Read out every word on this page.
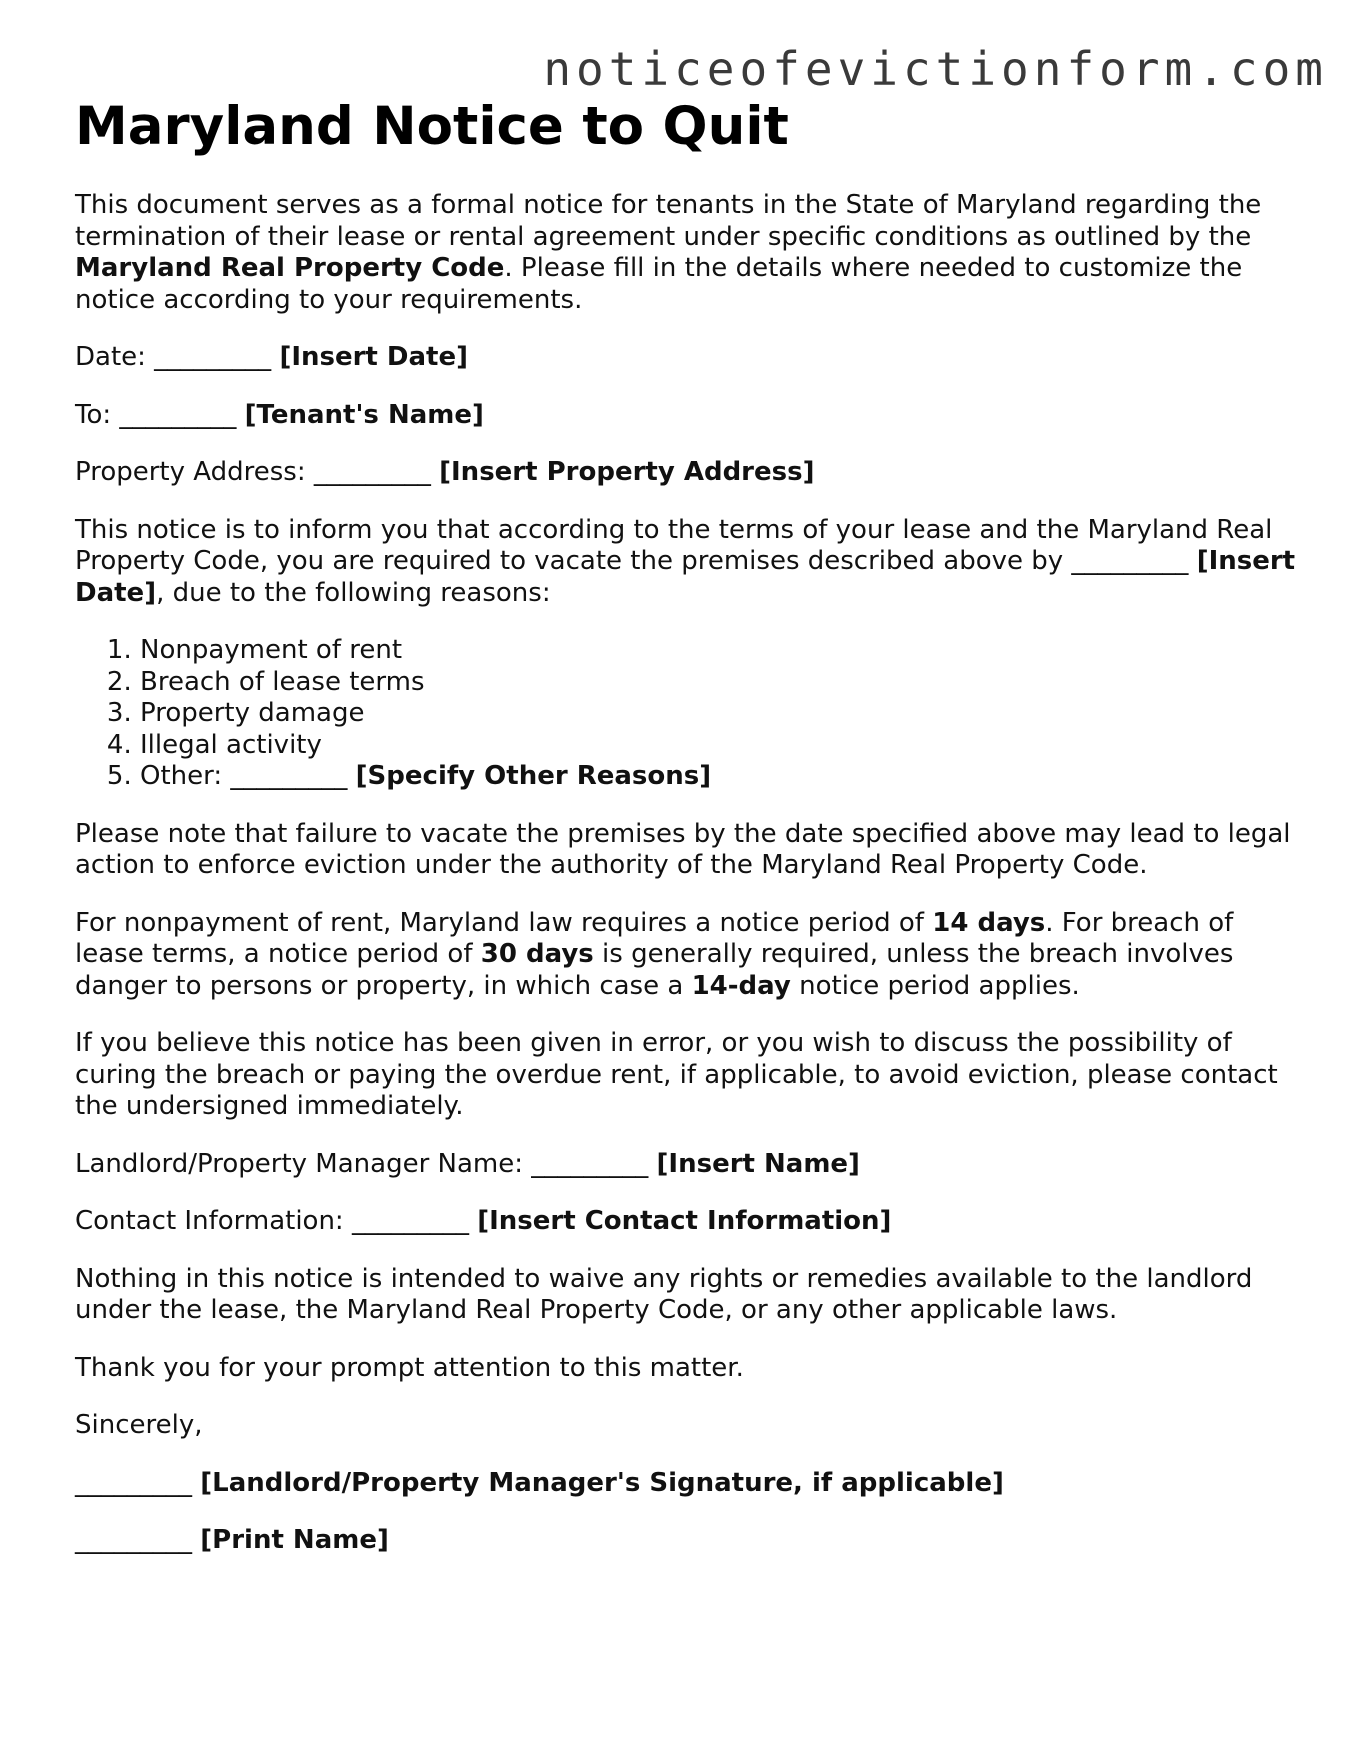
noticeofevictionform.com
Maryland Notice to Quit

This document serves as a formal notice for tenants in the State of Maryland regarding the termination of their lease or rental agreement under specific conditions as outlined by the Maryland Real Property Code. Please fill in the details where needed to customize the notice according to your requirements.

Date: _________ [Insert Date]

To: _________ [Tenant's Name]

Property Address: _________ [Insert Property Address]

This notice is to inform you that according to the terms of your lease and the Maryland Real Property Code, you are required to vacate the premises described above by _________ [Insert Date], due to the following reasons:

1. Nonpayment of rent
2. Breach of lease terms
3. Property damage
4. Illegal activity
5. Other: _________ [Specify Other Reasons]

Please note that failure to vacate the premises by the date specified above may lead to legal action to enforce eviction under the authority of the Maryland Real Property Code.

For nonpayment of rent, Maryland law requires a notice period of 14 days. For breach of lease terms, a notice period of 30 days is generally required, unless the breach involves danger to persons or property, in which case a 14-day notice period applies.

If you believe this notice has been given in error, or you wish to discuss the possibility of curing the breach or paying the overdue rent, if applicable, to avoid eviction, please contact the undersigned immediately.

Landlord/Property Manager Name: _________ [Insert Name]

Contact Information: _________ [Insert Contact Information]

Nothing in this notice is intended to waive any rights or remedies available to the landlord under the lease, the Maryland Real Property Code, or any other applicable laws.

Thank you for your prompt attention to this matter.

Sincerely,

_________ [Landlord/Property Manager's Signature, if applicable]

_________ [Print Name]
